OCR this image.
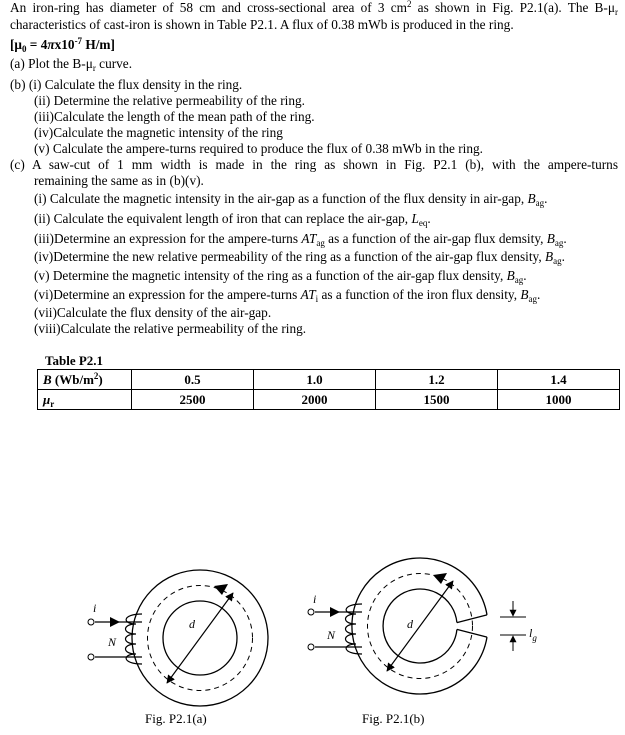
An iron-ring has diameter of 58 cm and cross-sectional area of 3 $cm^2$ as shown in Fig. P2.1(a). The $B-\mu_r$
characteristics of cast-iron is shown in Table P2.1. A flux of 0.38 mWb is produced in the ring.
[$\mu_0 = 4\pi x10^{-7}$ H/m]
(a) Plot the $B-\mu_r$ curve.
(b) (i) Calculate the flux density in the ring.
(ii) Determine the relative permeability of the ring.
(iii)Calculate the length of the mean path of the ring.
(iv)Calculate the magnetic intensity of the ring
(v) Calculate the ampere-turns required to produce the flux of 0.38 mWb in the ring.
(c) A saw-cut of 1 mm width is made in the ring as shown in Fig. P2.1 (b), with the ampere-turns
remaining the same as in (b)(v).
(i) Calculate the magnetic intensity in the air-gap as a function of the flux density in air-gap, $B_{ag}$.
(ii) Calculate the equivalent length of iron that can replace the air-gap, $L_{eq}$.
(iii)Determine an expression for the ampere-turns $AT_{ag}$ as a function of the air-gap flux demsity, $B_{ag}$.
(iv)Determine the new relative permeability of the ring as a function of the air-gap flux density, $B_{ag}$.
(v) Determine the magnetic intensity of the ring as a function of the air-gap flux density, $B_{ag}$.
(vi)Determine an expression for the ampere-turns $AT_i$ as a function of the iron flux density, $B_{ag}$.
(vii)Calculate the flux density of the air-gap.
(viii)Calculate the relative permeability of the ring.
Table P2.1
B $(Wb/m^2)$	0.5	1.0	1.2	1.4
$\mu_r$	2500	2000	1500	1000
d
i
N
d
i
N	$l_g$
Fig. P2.1(a)	Fig. P2.1(b)
